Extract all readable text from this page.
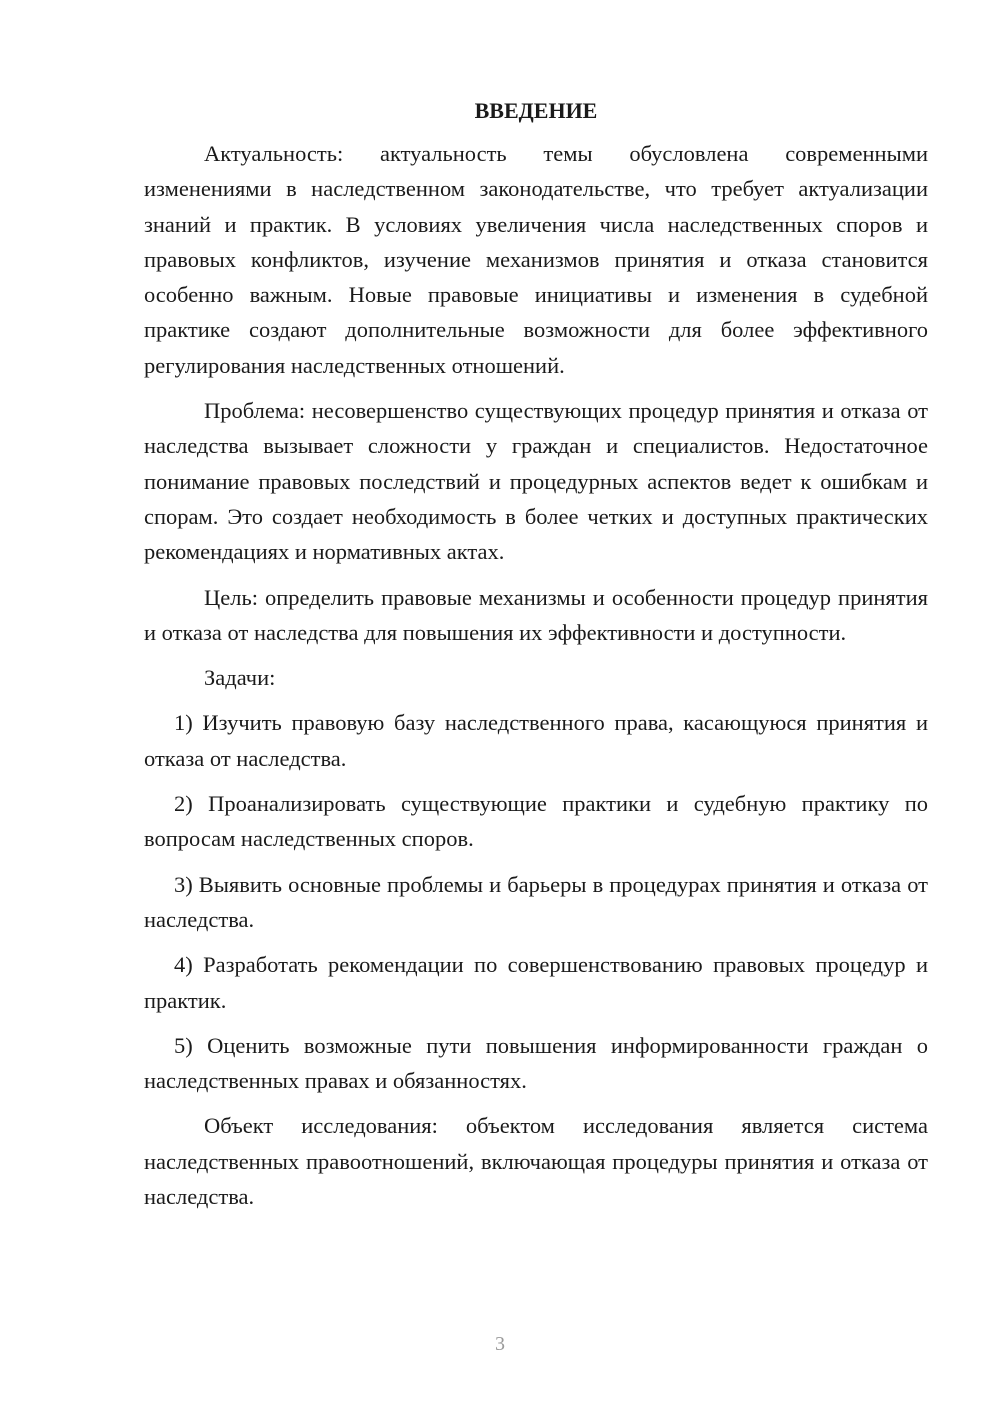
ВВЕДЕНИЕ

Актуальность: актуальность темы обусловлена современными изменениями в наследственном законодательстве, что требует актуализации знаний и практик. В условиях увеличения числа наследственных споров и правовых конфликтов, изучение механизмов принятия и отказа становится особенно важным. Новые правовые инициативы и изменения в судебной практике создают дополнительные возможности для более эффективного регулирования наследственных отношений.

Проблема: несовершенство существующих процедур принятия и отказа от наследства вызывает сложности у граждан и специалистов. Недостаточное понимание правовых последствий и процедурных аспектов ведет к ошибкам и спорам. Это создает необходимость в более четких и доступных практических рекомендациях и нормативных актах.

Цель: определить правовые механизмы и особенности процедур принятия и отказа от наследства для повышения их эффективности и доступности.

Задачи:

1) Изучить правовую базу наследственного права, касающуюся принятия и отказа от наследства.

2) Проанализировать существующие практики и судебную практику по вопросам наследственных споров.

3) Выявить основные проблемы и барьеры в процедурах принятия и отказа от наследства.

4) Разработать рекомендации по совершенствованию правовых процедур и практик.

5) Оценить возможные пути повышения информированности граждан о наследственных правах и обязанностях.

Объект исследования: объектом исследования является система наследственных правоотношений, включающая процедуры принятия и отказа от наследства.

3
